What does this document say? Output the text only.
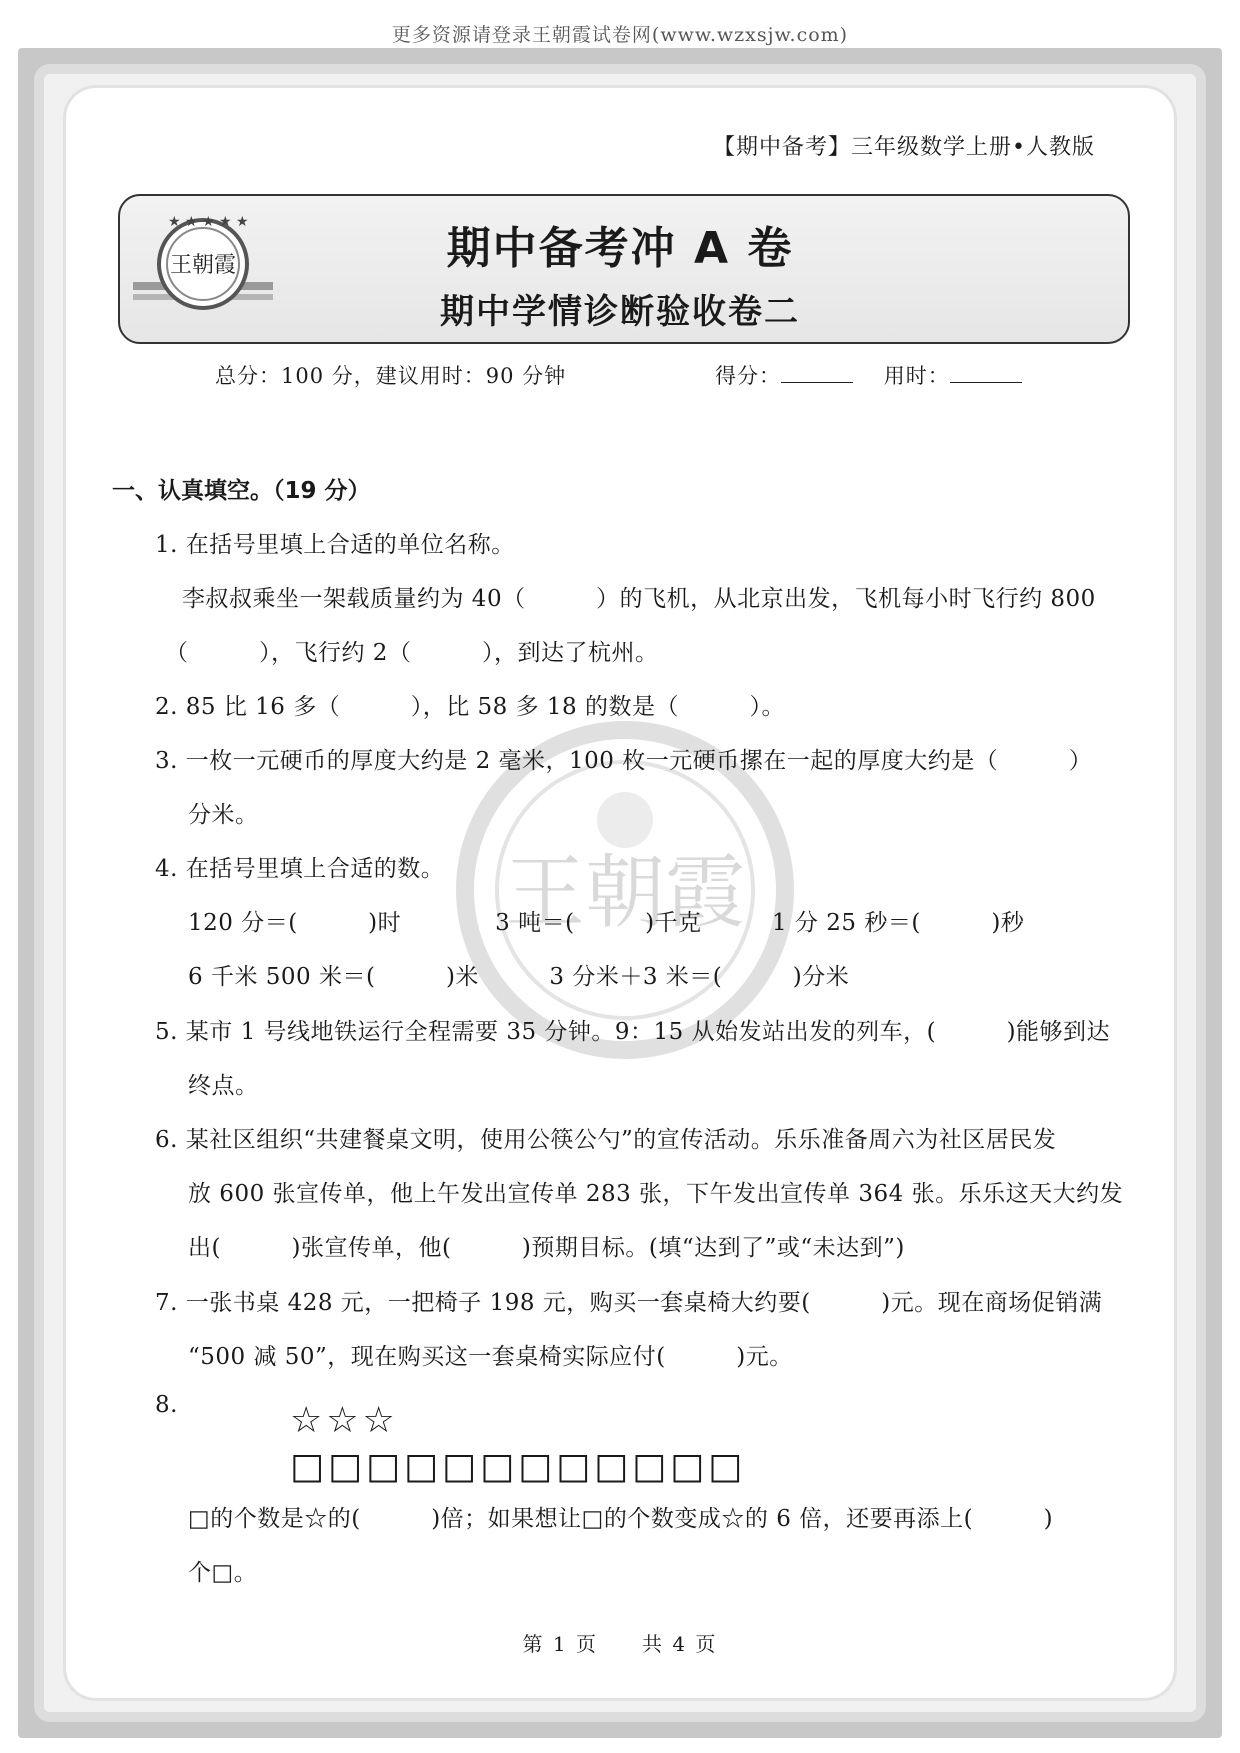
更多资源请登录王朝霞试卷网(www.wzxsjw.com)
【期中备考】三年级数学上册•人教版
★ ★ ★ ★ ★
王朝霞	期中备考冲 A 卷
期中学情诊断验收卷二
总分：100 分，建议用时：90 分钟	得分：	用时：
王朝霞
一、认真填空。（19 分）
1. 在括号里填上合适的单位名称。
李叔叔乘坐一架载质量约为 40（　　　）的飞机，从北京出发，飞机每小时飞行约 800
（　　　），飞行约 2（　　　），到达了杭州。
2. 85 比 16 多（　　　），比 58 多 18 的数是（　　　）。
3. 一枚一元硬币的厚度大约是 2 毫米，100 枚一元硬币摞在一起的厚度大约是（　　　）
分米。
4. 在括号里填上合适的数。
120 分＝(　　　)时　　　　3 吨＝(　　　)千克　　　1 分 25 秒＝(　　　)秒
6 千米 500 米＝(　　　)米　　　3 分米＋3 米＝(　　　)分米
5. 某市 1 号线地铁运行全程需要 35 分钟。9：15 从始发站出发的列车，(　　　)能够到达
终点。
6. 某社区组织“共建餐桌文明，使用公筷公勺”的宣传活动。乐乐准备周六为社区居民发
放 600 张宣传单，他上午发出宣传单 283 张，下午发出宣传单 364 张。乐乐这天大约发
出(　　　)张宣传单，他(　　　)预期目标。(填“达到了”或“未达到”)
7. 一张书桌 428 元，一把椅子 198 元，购买一套桌椅大约要(　　　)元。现在商场促销满
“500 减 50”，现在购买这一套桌椅实际应付(　　　)元。
8.	☆☆☆
□□□□□□□□□□□□
□的个数是☆的(　　　)倍；如果想让□的个数变成☆的 6 倍，还要再添上(　　　)
个□。
第 1 页　　共 4 页
